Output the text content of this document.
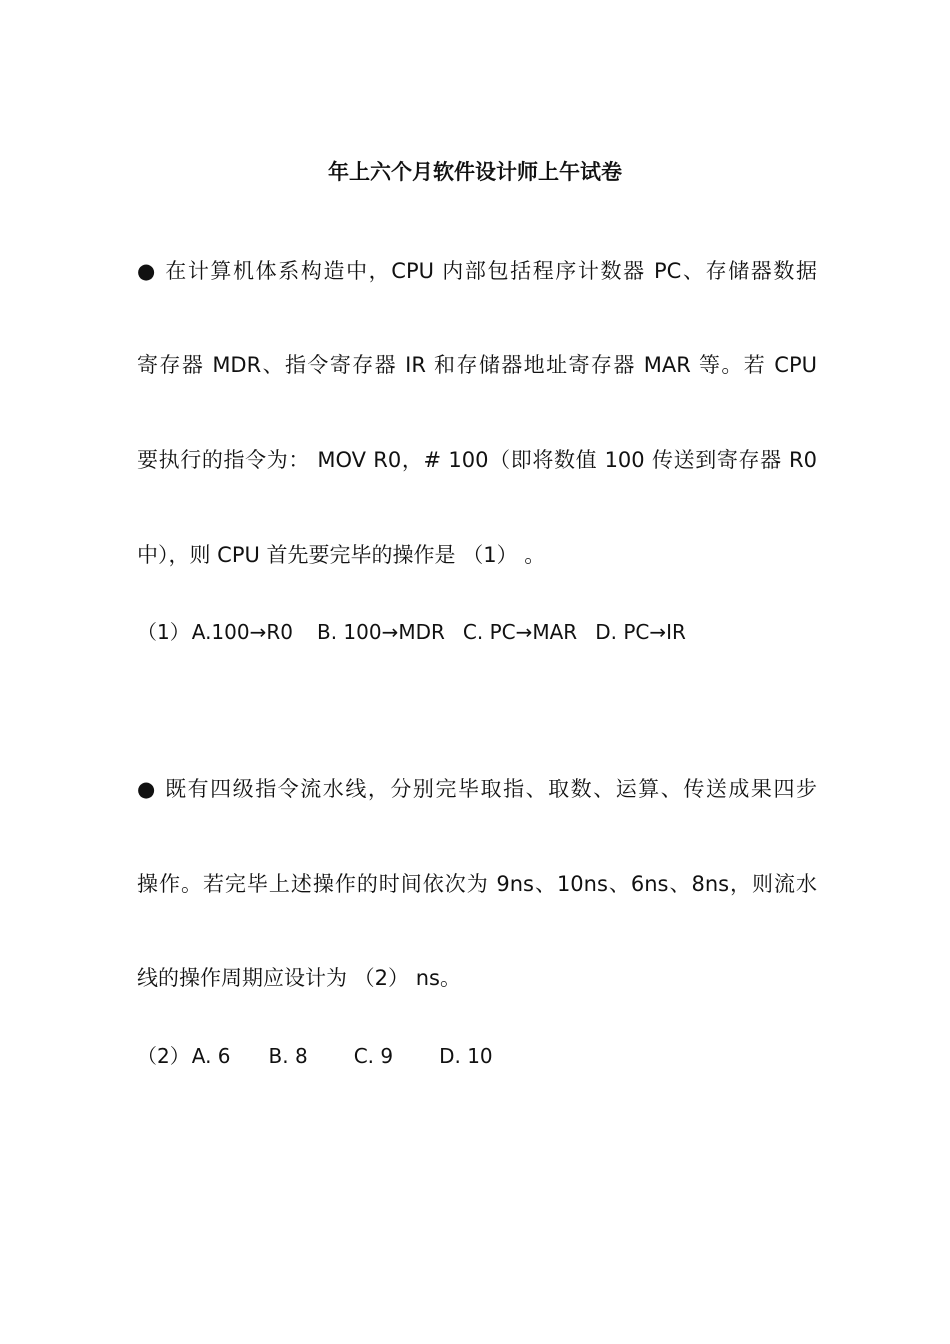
年上六个月软件设计师上午试卷
● 在计算机体系构造中，CPU 内部包括程序计数器 PC、存储器数据
寄存器 MDR、指令寄存器 IR 和存储器地址寄存器 MAR 等。若 CPU
要执行的指令为： MOV R0，# 100（即将数值 100 传送到寄存器 R0
中），则 CPU 首先要完毕的操作是 （1） 。
（1） A.100→R0 B. 100→MDR C. PC→MAR D. PC→IR
● 既有四级指令流水线，分别完毕取指、取数、运算、传送成果四步
操作。若完毕上述操作的时间依次为 9ns、10ns、6ns、8ns，则流水
线的操作周期应设计为 （2） ns。
（2） A. 6 B. 8 C. 9 D. 10
